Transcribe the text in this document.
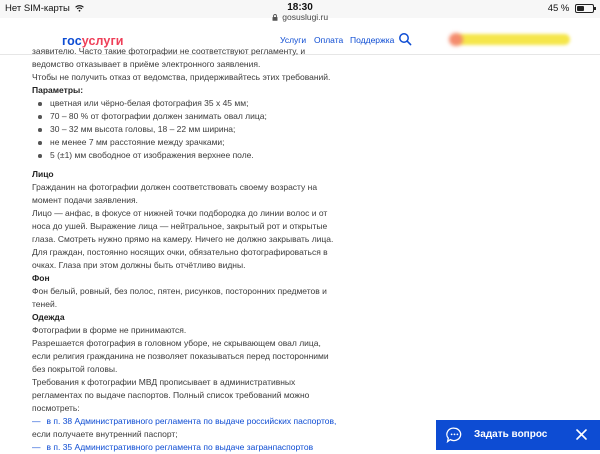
Нет SIM-карты	18:30	45 %
gosuslugi.ru
госуслуги	Услуги Оплата Поддержка

заявителю. Часто такие фотографии не соответствуют регламенту, и

ведомство отказывает в приёме электронного заявления.

Чтобы не получить отказ от ведомства, придерживайтесь этих требований.

Параметры:

цветная или чёрно-белая фотография 35 х 45 мм;
70 – 80 % от фотографии должен занимать овал лица;
30 – 32 мм высота головы, 18 – 22 мм ширина;
не менее 7 мм расстояние между зрачками;
5 (±1) мм свободное от изображения верхнее поле.

Лицо

Гражданин на фотографии должен соответствовать своему возрасту на

момент подачи заявления.

Лицо — анфас, в фокусе от нижней точки подбородка до линии волос и от

носа до ушей. Выражение лица — нейтральное, закрытый рот и открытые

глаза. Смотреть нужно прямо на камеру. Ничего не должно закрывать лица.

Для граждан, постоянно носящих очки, обязательно фотографироваться в

очках. Глаза при этом должны быть отчётливо видны.

Фон

Фон белый, ровный, без полос, пятен, рисунков, посторонних предметов и

теней.

Одежда

Фотографии в форме не принимаются.

Разрешается фотография в головном уборе, не скрывающем овал лица,

если религия гражданина не позволяет показываться перед посторонними

без покрытой головы.

Требования к фотографии МВД прописывает в административных

регламентах по выдаче паспортов. Полный список требований можно

посмотреть:

— в п. 38 Административного регламента по выдаче российских паспортов,

если получаете внутренний паспорт;

— в п. 35 Административного регламента по выдаче загранпаспортов

Задать вопрос
